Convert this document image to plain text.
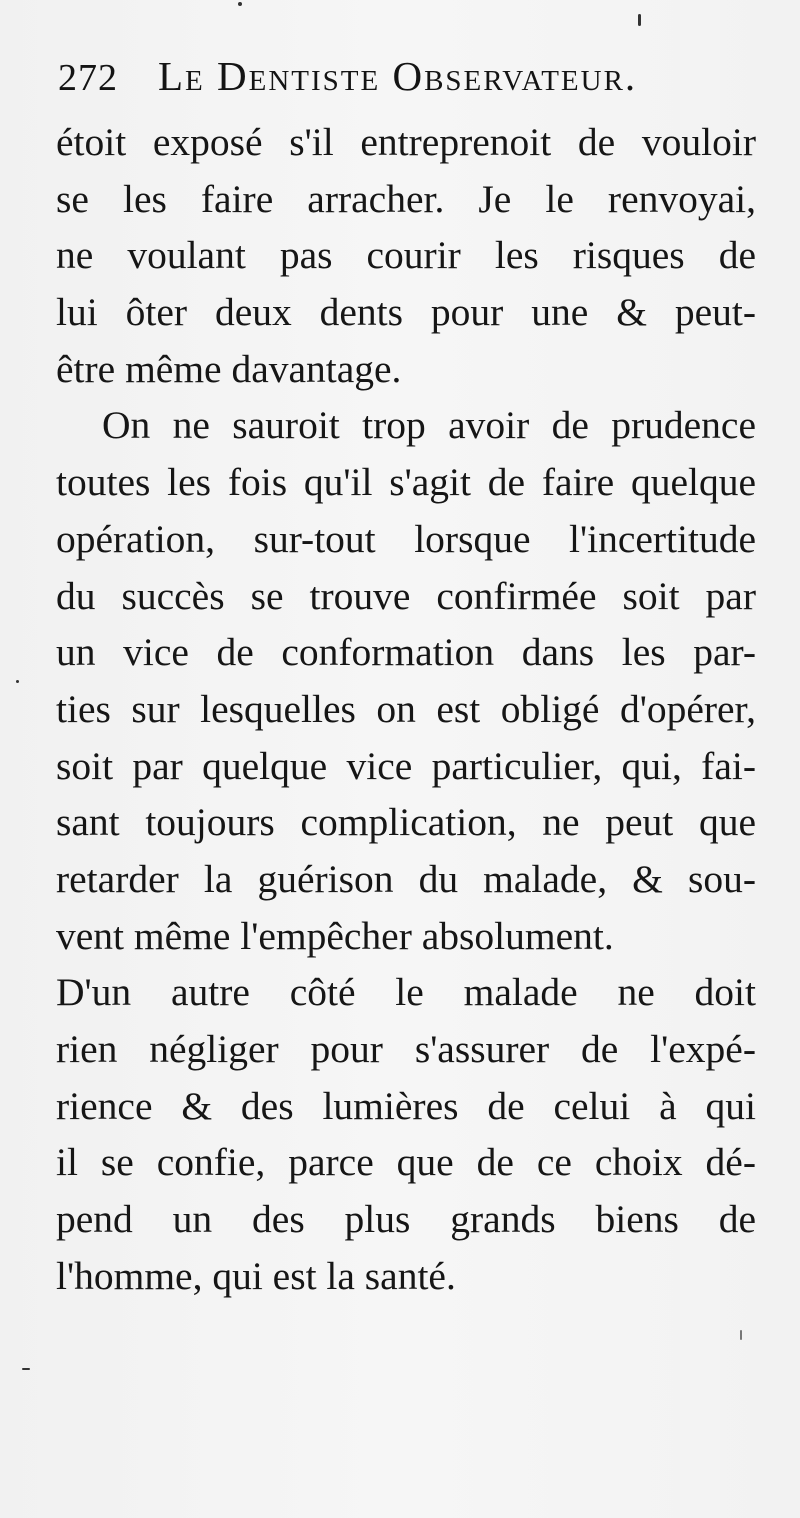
272 Le Dentiste Observateur.
étoit exposé s'il entreprenoit de vouloir
se les faire arracher. Je le renvoyai,
ne voulant pas courir les risques de
lui ôter deux dents pour une & peut-
être même davantage.
On ne sauroit trop avoir de prudence
toutes les fois qu'il s'agit de faire quelque
opération, sur-tout lorsque l'incertitude
du succès se trouve confirmée soit par
un vice de conformation dans les par-
ties sur lesquelles on est obligé d'opérer,
soit par quelque vice particulier, qui, fai-
sant toujours complication, ne peut que
retarder la guérison du malade, & sou-
vent même l'empêcher absolument.
D'un autre côté le malade ne doit
rien négliger pour s'assurer de l'expé-
rience & des lumières de celui à qui
il se confie, parce que de ce choix dé-
pend un des plus grands biens de
l'homme, qui est la santé.
